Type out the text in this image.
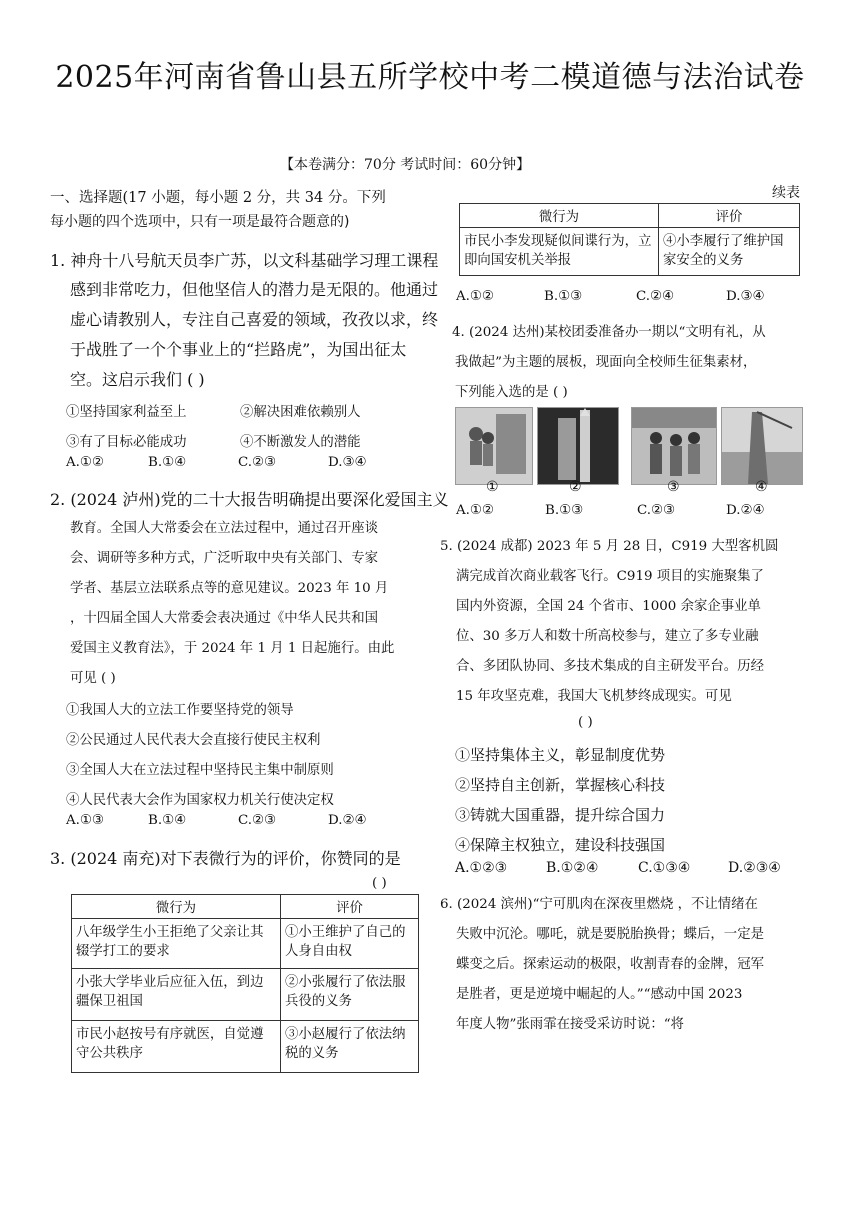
2025年河南省鲁山县五所学校中考二模道德与法治试卷
【本卷满分：70分 考试时间：60分钟】
一、选择题(17 小题，每小题 2 分，共 34 分。下列
每小题的四个选项中，只有一项是最符合题意的)
1. 神舟十八号航天员李广苏，以文科基础学习理工课程
感到非常吃力，但他坚信人的潜力是无限的。他通过
虚心请教别人，专注自己喜爱的领域，孜孜以求，终
于战胜了一个个事业上的“拦路虎”，为国出征太
空。这启示我们 ( )
①坚持国家利益至上	②解决困难依赖别人
③有了目标必能成功	④不断激发人的潜能
A.①②	B.①④	C.②③	D.③④
2. (2024 泸州)党的二十大报告明确提出要深化爱国主义
教育。全国人大常委会在立法过程中，通过召开座谈
会、调研等多种方式，广泛听取中央有关部门、专家
学者、基层立法联系点等的意见建议。2023 年 10 月
，十四届全国人大常委会表决通过《中华人民共和国
爱国主义教育法》，于 2024 年 1 月 1 日起施行。由此
可见 ( )
①我国人大的立法工作要坚持党的领导
②公民通过人民代表大会直接行使民主权利
③全国人大在立法过程中坚持民主集中制原则
④人民代表大会作为国家权力机关行使决定权
A.①③	B.①④	C.②③	D.②④
3. (2024 南充)对下表微行为的评价，你赞同的是
( )
微行为	评价
八年级学生小王拒绝了父亲让其辍学打工的要求	①小王维护了自己的人身自由权
小张大学毕业后应征入伍，到边疆保卫祖国	②小张履行了依法服兵役的义务
市民小赵按号有序就医，自觉遵守公共秩序	③小赵履行了依法纳税的义务
续表
微行为	评价
市民小李发现疑似间谍行为，立即向国安机关举报	④小李履行了维护国家安全的义务
A.①②	B.①③	C.②④	D.③④
4. (2024 达州)某校团委准备办一期以“文明有礼，从
我做起”为主题的展板，现面向全校师生征集素材，
下列能入选的是 ( )
①	②	③	④
A.①②	B.①③	C.②③	D.②④
5. (2024 成都) 2023 年 5 月 28 日，C919 大型客机圆
满完成首次商业载客飞行。C919 项目的实施聚集了
国内外资源，全国 24 个省市、1000 余家企事业单
位、30 多万人和数十所高校参与，建立了多专业融
合、多团队协同、多技术集成的自主研发平台。历经
15 年攻坚克难，我国大飞机梦终成现实。可见
( )
①坚持集体主义，彰显制度优势
②坚持自主创新，掌握核心科技
③铸就大国重器，提升综合国力
④保障主权独立，建设科技强国
A.①②③	B.①②④	C.①③④	D.②③④
6. (2024 滨州)“宁可肌肉在深夜里燃烧 ，不让情绪在
失败中沉沦。哪吒，就是要脱胎换骨；蝶后，一定是
蝶变之后。探索运动的极限，收割青春的金牌，冠军
是胜者，更是逆境中崛起的人。”“感动中国 2023
年度人物”张雨霏在接受采访时说：“将
